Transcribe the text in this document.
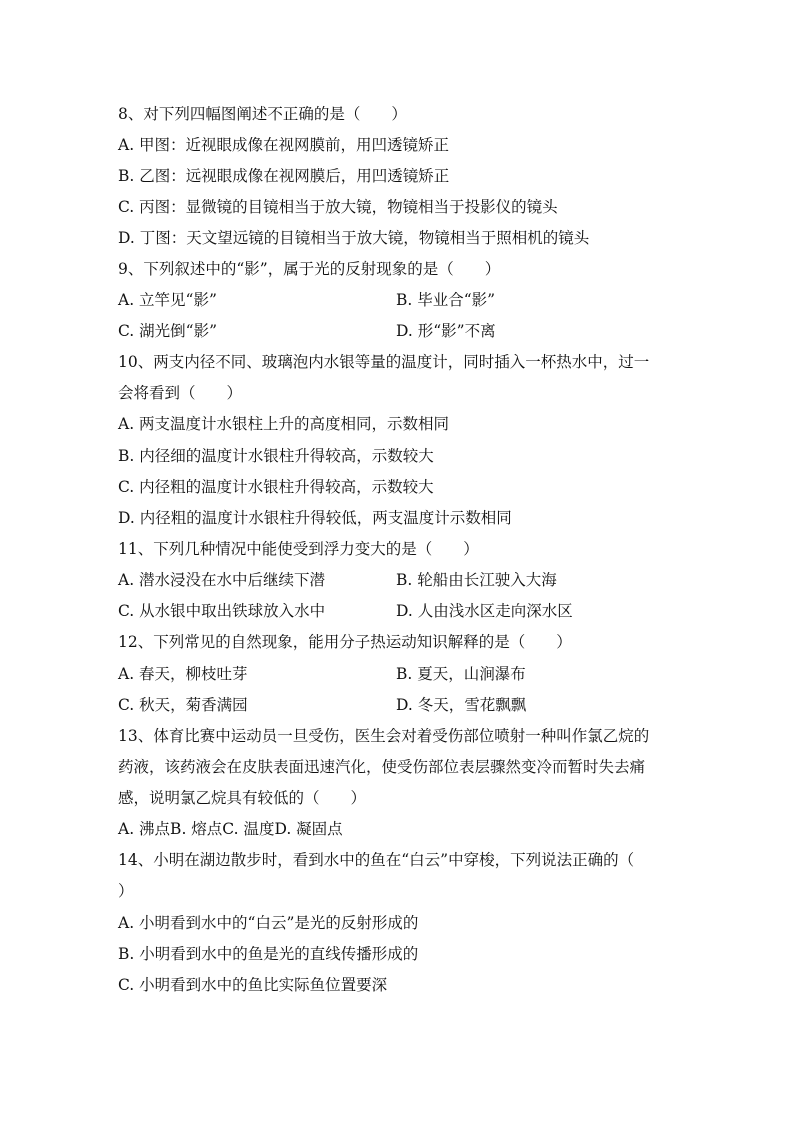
8、对下列四幅图阐述不正确的是（　　）
A. 甲图：近视眼成像在视网膜前，用凹透镜矫正
B. 乙图：远视眼成像在视网膜后，用凹透镜矫正
C. 丙图：显微镜的目镜相当于放大镜，物镜相当于投影仪的镜头
D. 丁图：天文望远镜的目镜相当于放大镜，物镜相当于照相机的镜头
9、下列叙述中的“影”，属于光的反射现象的是（　　）
A. 立竿见“影”	B. 毕业合“影”
C. 湖光倒“影”	D. 形“影”不离
10、两支内径不同、玻璃泡内水银等量的温度计，同时插入一杯热水中，过一
会将看到（　　）
A. 两支温度计水银柱上升的高度相同，示数相同
B. 内径细的温度计水银柱升得较高，示数较大
C. 内径粗的温度计水银柱升得较高，示数较大
D. 内径粗的温度计水银柱升得较低，两支温度计示数相同
11、下列几种情况中能使受到浮力变大的是（　　）
A. 潜水浸没在水中后继续下潜	B. 轮船由长江驶入大海
C. 从水银中取出铁球放入水中	D. 人由浅水区走向深水区
12、下列常见的自然现象，能用分子热运动知识解释的是（　　）
A. 春天，柳枝吐芽	B. 夏天，山涧瀑布
C. 秋天，菊香满园	D. 冬天，雪花飘飘
13、体育比赛中运动员一旦受伤，医生会对着受伤部位喷射一种叫作氯乙烷的
药液，该药液会在皮肤表面迅速汽化，使受伤部位表层骤然变冷而暂时失去痛
感，说明氯乙烷具有较低的（　　）
A. 沸点B. 熔点C. 温度D. 凝固点
14、小明在湖边散步时，看到水中的鱼在“白云”中穿梭，下列说法正确的（
）
A. 小明看到水中的“白云”是光的反射形成的
B. 小明看到水中的鱼是光的直线传播形成的
C. 小明看到水中的鱼比实际鱼位置要深
